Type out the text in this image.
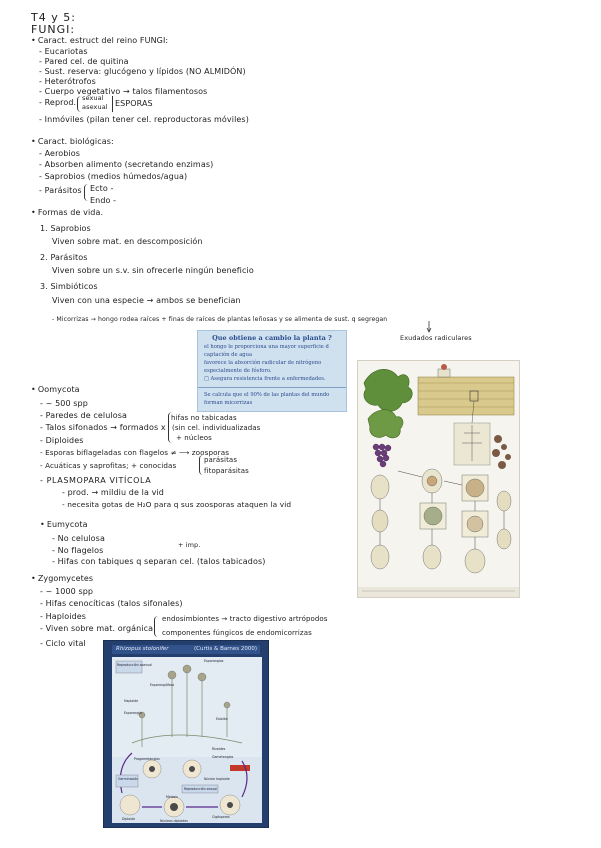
T4 y 5:
FUNGI:
• Caract. estruct del reino FUNGI:
- Eucariotas
- Pared cel. de quitina
- Sust. reserva: glucógeno y lípidos (NO ALMIDÓN)
- Heterótrofos
- Cuerpo vegetativo → talos filamentosos
- Reprod. sexual
asexual ESPORAS
- Inmóviles (pilan tener cel. reproductoras móviles)
• Caract. biológicas:
- Aerobios
- Absorben alimento (secretando enzimas)
- Saprobios (medios húmedos/agua)
- Parásitos Ecto -
Endo -
• Formas de vida.
1. Saprobios
Viven sobre mat. en descomposición
2. Parásitos
Viven sobre un s.v. sin ofrecerle ningún beneficio
3. Simbióticos
Viven con una especie → ambos se benefician
- Micorrizas → hongo rodea raíces + finas de raíces de plantas leñosas y se alimenta de sust. q segregan
Exudados radiculares
Que obtiene a cambio la planta ?
el hongo le proporciona una mayor superficie d
captación de agua
favorece la absorción radicular de nitrógeno
especialmente de fósforo.
□ Asegura resistencia frente a enfermedades.
Se calcula que el 90% de las plantas del mundo
forman micorrizas
• Oomycota
- ~ 500 spp
- Paredes de celulosa	hifas no tabicadas
- Talos sifonados → formados x (sin cel. individualizadas
+ núcleos
- Diploides
- Esporas biflageladas con flagelos ≠ ⟶ zoosporas
- Acuáticas y saprofitas; + conocidas
parásitas
fitoparásitas
- PLASMOPARA VITÍCOLA
- prod. → mildiu de la vid
- necesita gotas de H₂O para q sus zoosporas ataquen la vid
• Eumycota
- No celulosa
+ imp.
- No flagelos
- Hifas con tabiques q separan cel. (talos tabicados)
• Zygomycetes
- ~ 1000 spp
- Hifas cenocíticas (talos sifonales)
- Haploides
- Viven sobre mat. orgánica
endosimbiontes → tracto digestivo artrópodos
componentes fúngicos de endomicorrizas
- Ciclo vital
Rhizopus stolonifer	(Curtis & Barnes 2000)
Reproducción asexual
Esporangios
Esporangióforo
Haploide
Esporangio
Estolón
Rizoides
Gametangios
Progametangios
Núcleo haploide
Diploide
Meiosis
Cigósporas
Reproducción sexual
Núcleos diploides
Germinación
